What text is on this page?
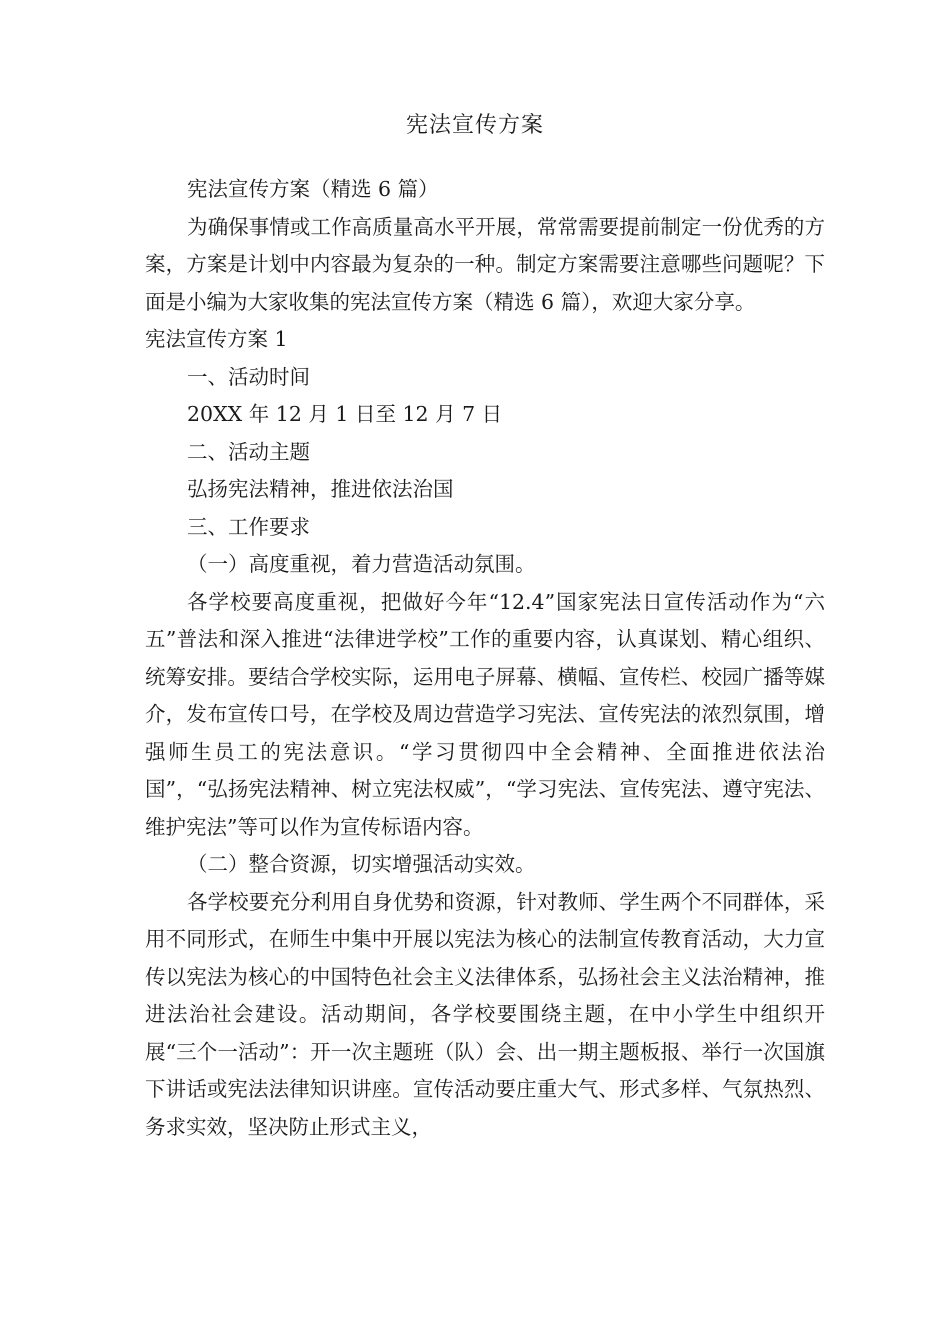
宪法宣传方案

宪法宣传方案（精选 6 篇）

为确保事情或工作高质量高水平开展，常常需要提前制定一份优秀的方案，方案是计划中内容最为复杂的一种。制定方案需要注意哪些问题呢？下面是小编为大家收集的宪法宣传方案（精选 6 篇），欢迎大家分享。

宪法宣传方案 1

一、活动时间

20XX 年 12 月 1 日至 12 月 7 日

二、活动主题

弘扬宪法精神，推进依法治国

三、工作要求

（一）高度重视，着力营造活动氛围。

各学校要高度重视，把做好今年“12.4”国家宪法日宣传活动作为“六五”普法和深入推进“法律进学校”工作的重要内容，认真谋划、精心组织、统筹安排。要结合学校实际，运用电子屏幕、横幅、宣传栏、校园广播等媒介，发布宣传口号，在学校及周边营造学习宪法、宣传宪法的浓烈氛围，增强师生员工的宪法意识。“学习贯彻四中全会精神、全面推进依法治国”，“弘扬宪法精神、树立宪法权威”，“学习宪法、宣传宪法、遵守宪法、维护宪法”等可以作为宣传标语内容。

（二）整合资源，切实增强活动实效。

各学校要充分利用自身优势和资源，针对教师、学生两个不同群体，采用不同形式，在师生中集中开展以宪法为核心的法制宣传教育活动，大力宣传以宪法为核心的中国特色社会主义法律体系，弘扬社会主义法治精神，推进法治社会建设。活动期间，各学校要围绕主题，在中小学生中组织开展“三个一活动”：开一次主题班（队）会、出一期主题板报、举行一次国旗下讲话或宪法法律知识讲座。宣传活动要庄重大气、形式多样、气氛热烈、务求实效，坚决防止形式主义，
